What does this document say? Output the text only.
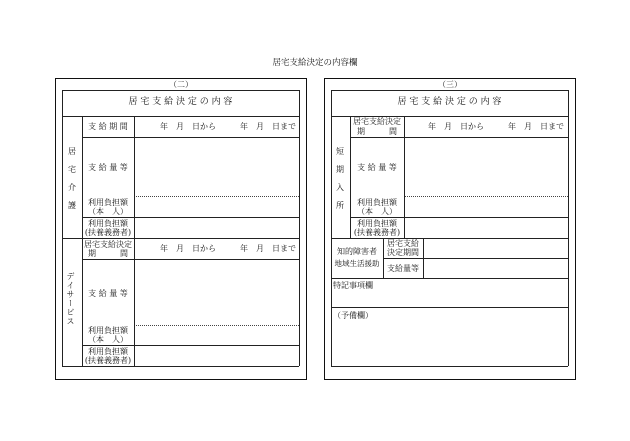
居宅支給決定の内容欄
（二）
居 宅 支 給 決 定 の 内 容
居
宅
介
護
支 給 期 間	年　月　日から　　　年　月　日まで
支 給 量 等
利用負担額
（本　人）
利用負担額
(扶養義務者)
デイサービス
居宅支給決定
期　　　間
年　月　日から　　　年　月　日まで
支 給 量 等
利用負担額
（本　人）
利用負担額
(扶養義務者)
（三）
居 宅 支 給 決 定 の 内 容
短
期
入
所
居宅支給決定
期　　　間
年　月　日から　　　年　月　日まで
支 給 量 等
利用負担額
（本　人）
利用負担額
(扶養義務者)
知的障害者
地域生活援助
居宅支給
決定期間
支給量等
特記事項欄
（予備欄）
